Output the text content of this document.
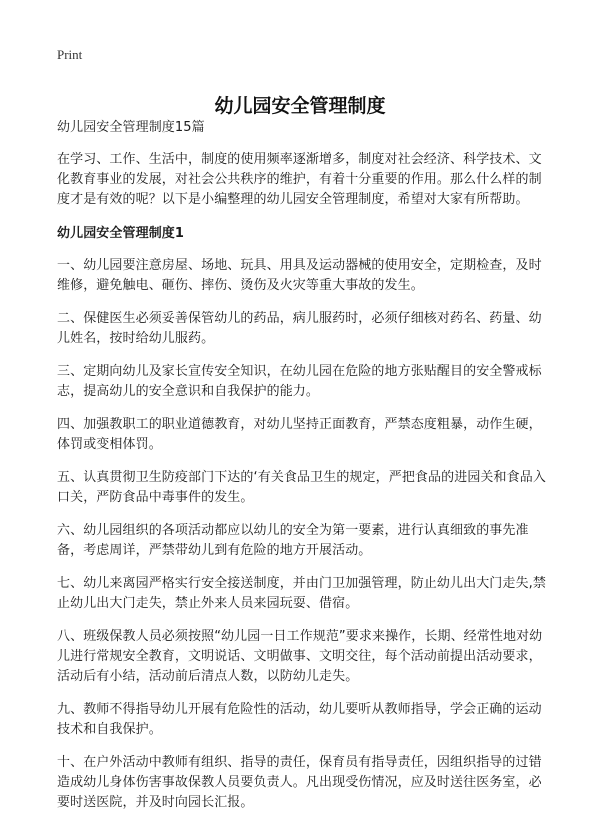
Print
幼儿园安全管理制度

幼儿园安全管理制度15篇

在学习、工作、生活中，制度的使用频率逐渐增多，制度对社会经济、科学技术、文化教育事业的发展，对社会公共秩序的维护，有着十分重要的作用。那么什么样的制度才是有效的呢？以下是小编整理的幼儿园安全管理制度，希望对大家有所帮助。

幼儿园安全管理制度1

一、幼儿园要注意房屋、场地、玩具、用具及运动器械的使用安全，定期检查，及时维修，避免触电、砸伤、摔伤、烫伤及火灾等重大事故的发生。

二、保健医生必须妥善保管幼儿的药品，病儿服药时，必须仔细核对药名、药量、幼儿姓名，按时给幼儿服药。

三、定期向幼儿及家长宣传安全知识，在幼儿园在危险的地方张贴醒目的安全警戒标志，提高幼儿的安全意识和自我保护的能力。

四、加强教职工的职业道德教育，对幼儿坚持正面教育，严禁态度粗暴，动作生硬，体罚或变相体罚。

五、认真贯彻卫生防疫部门下达的‘有关食品卫生的规定，严把食品的进园关和食品入口关，严防食品中毒事件的发生。

六、幼儿园组织的各项活动都应以幼儿的安全为第一要素，进行认真细致的事先准备，考虑周详，严禁带幼儿到有危险的地方开展活动。

七、幼儿来离园严格实行安全接送制度，并由门卫加强管理，防止幼儿出大门走失,禁止幼儿出大门走失，禁止外来人员来园玩耍、借宿。

八、班级保教人员必须按照“幼儿园一日工作规范”要求来操作，长期、经常性地对幼儿进行常规安全教育，文明说话、文明做事、文明交往，每个活动前提出活动要求，活动后有小结，活动前后清点人数，以防幼儿走失。

九、教师不得指导幼儿开展有危险性的活动，幼儿要听从教师指导，学会正确的运动技术和自我保护。

十、在户外活动中教师有组织、指导的责任，保育员有指导责任，因组织指导的过错造成幼儿身体伤害事故保教人员要负责人。凡出现受伤情况，应及时送往医务室，必要时送医院，并及时向园长汇报。
